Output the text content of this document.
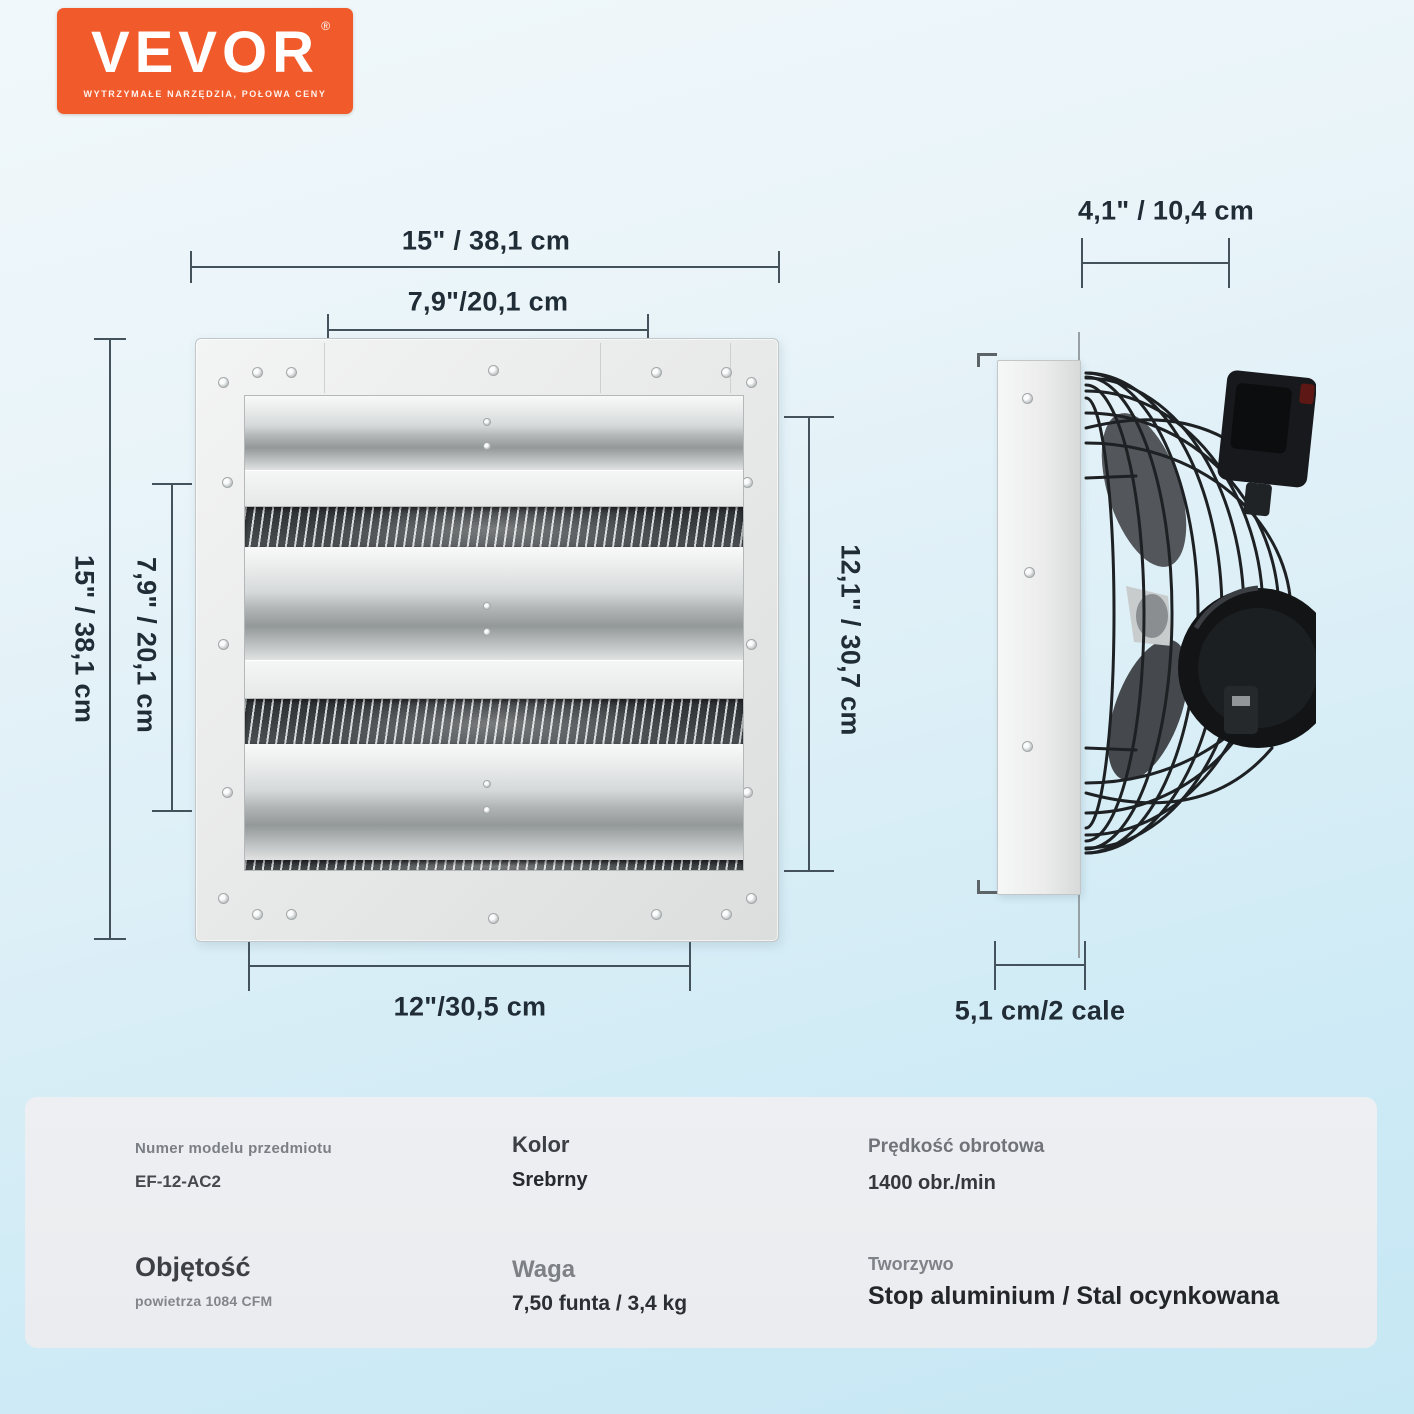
VEVOR ®
WYTRZYMAŁE NARZĘDZIA, POŁOWA CENY
15" / 38,1 cm
7,9"/20,1 cm
15" / 38,1 cm 7,9" / 20,1 cm	12,1" / 30,7 cm
12"/30,5 cm
4,1" / 10,4 cm
5,1 cm/2 cale
Numer modelu przedmiotu
EF-12-AC2
Kolor
Srebrny
Prędkość obrotowa
1400 obr./min
Objętość
powietrza 1084 CFM
Waga
7,50 funta / 3,4 kg
Tworzywo
Stop aluminium / Stal ocynkowana
